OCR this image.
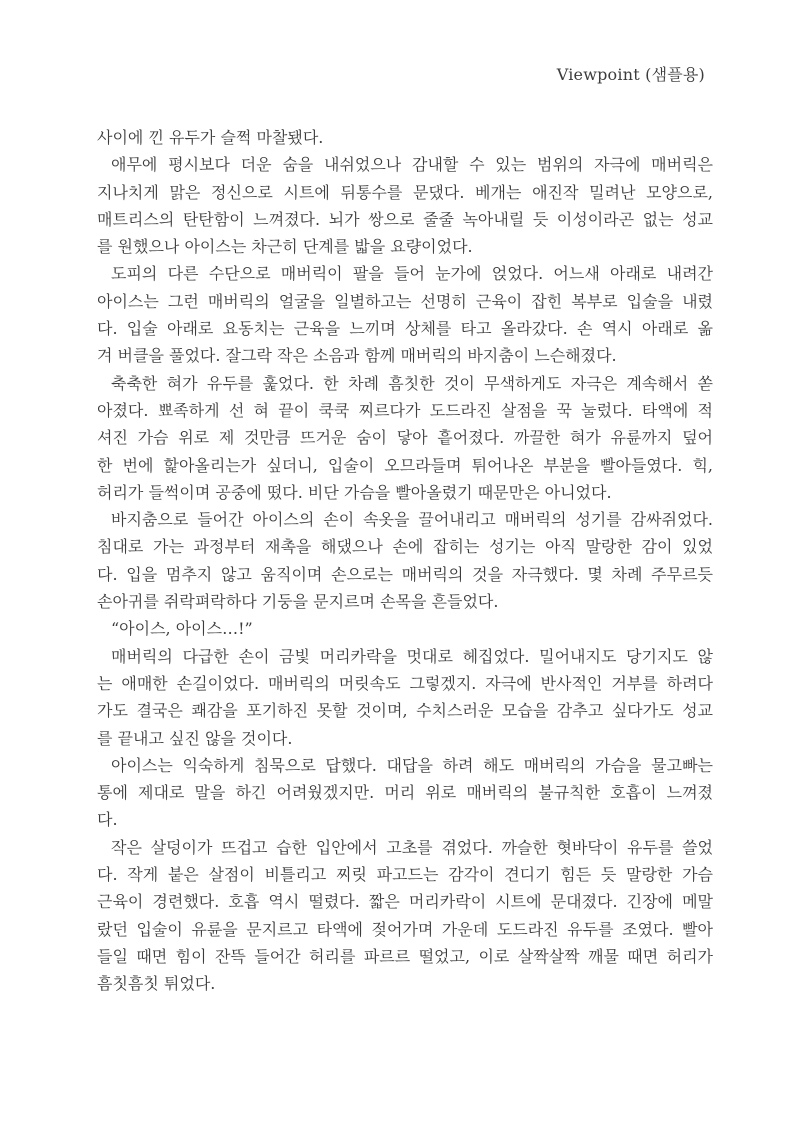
Viewpoint (샘플용)
사이에 낀 유두가 슬쩍 마찰됐다.
애무에 평시보다 더운 숨을 내쉬었으나 감내할 수 있는 범위의 자극에 매버릭은
지나치게 맑은 정신으로 시트에 뒤통수를 문댔다. 베개는 애진작 밀려난 모양으로,
매트리스의 탄탄함이 느껴졌다. 뇌가 쌍으로 줄줄 녹아내릴 듯 이성이라곤 없는 성교
를 원했으나 아이스는 차근히 단계를 밟을 요량이었다.
도피의 다른 수단으로 매버릭이 팔을 들어 눈가에 얹었다. 어느새 아래로 내려간
아이스는 그런 매버릭의 얼굴을 일별하고는 선명히 근육이 잡힌 복부로 입술을 내렸
다. 입술 아래로 요동치는 근육을 느끼며 상체를 타고 올라갔다. 손 역시 아래로 옮
겨 버클을 풀었다. 잘그락 작은 소음과 함께 매버릭의 바지춤이 느슨해졌다.
축축한 혀가 유두를 훑었다. 한 차례 흠칫한 것이 무색하게도 자극은 계속해서 쏟
아졌다. 뾰족하게 선 혀 끝이 쿡쿡 찌르다가 도드라진 살점을 꾹 눌렀다. 타액에 적
셔진 가슴 위로 제 것만큼 뜨거운 숨이 닿아 흩어졌다. 까끌한 혀가 유륜까지 덮어
한 번에 핥아올리는가 싶더니, 입술이 오므라들며 튀어나온 부분을 빨아들였다. 힉,
허리가 들썩이며 공중에 떴다. 비단 가슴을 빨아올렸기 때문만은 아니었다.
바지춤으로 들어간 아이스의 손이 속옷을 끌어내리고 매버릭의 성기를 감싸쥐었다.
침대로 가는 과정부터 재촉을 해댔으나 손에 잡히는 성기는 아직 말랑한 감이 있었
다. 입을 멈추지 않고 움직이며 손으로는 매버릭의 것을 자극했다. 몇 차례 주무르듯
손아귀를 쥐락펴락하다 기둥을 문지르며 손목을 흔들었다.
“아이스, 아이스…!”
매버릭의 다급한 손이 금빛 머리카락을 멋대로 헤집었다. 밀어내지도 당기지도 않
는 애매한 손길이었다. 매버릭의 머릿속도 그렇겠지. 자극에 반사적인 거부를 하려다
가도 결국은 쾌감을 포기하진 못할 것이며, 수치스러운 모습을 감추고 싶다가도 성교
를 끝내고 싶진 않을 것이다.
아이스는 익숙하게 침묵으로 답했다. 대답을 하려 해도 매버릭의 가슴을 물고빠는
통에 제대로 말을 하긴 어려웠겠지만. 머리 위로 매버릭의 불규칙한 호흡이 느껴졌
다.
작은 살덩이가 뜨겁고 습한 입안에서 고초를 겪었다. 까슬한 혓바닥이 유두를 쓸었
다. 작게 붙은 살점이 비틀리고 찌릿 파고드는 감각이 견디기 힘든 듯 말랑한 가슴
근육이 경련했다. 호흡 역시 떨렸다. 짧은 머리카락이 시트에 문대졌다. 긴장에 메말
랐던 입술이 유륜을 문지르고 타액에 젖어가며 가운데 도드라진 유두를 조였다. 빨아
들일 때면 힘이 잔뜩 들어간 허리를 파르르 떨었고, 이로 살짝살짝 깨물 때면 허리가
흠칫흠칫 튀었다.
